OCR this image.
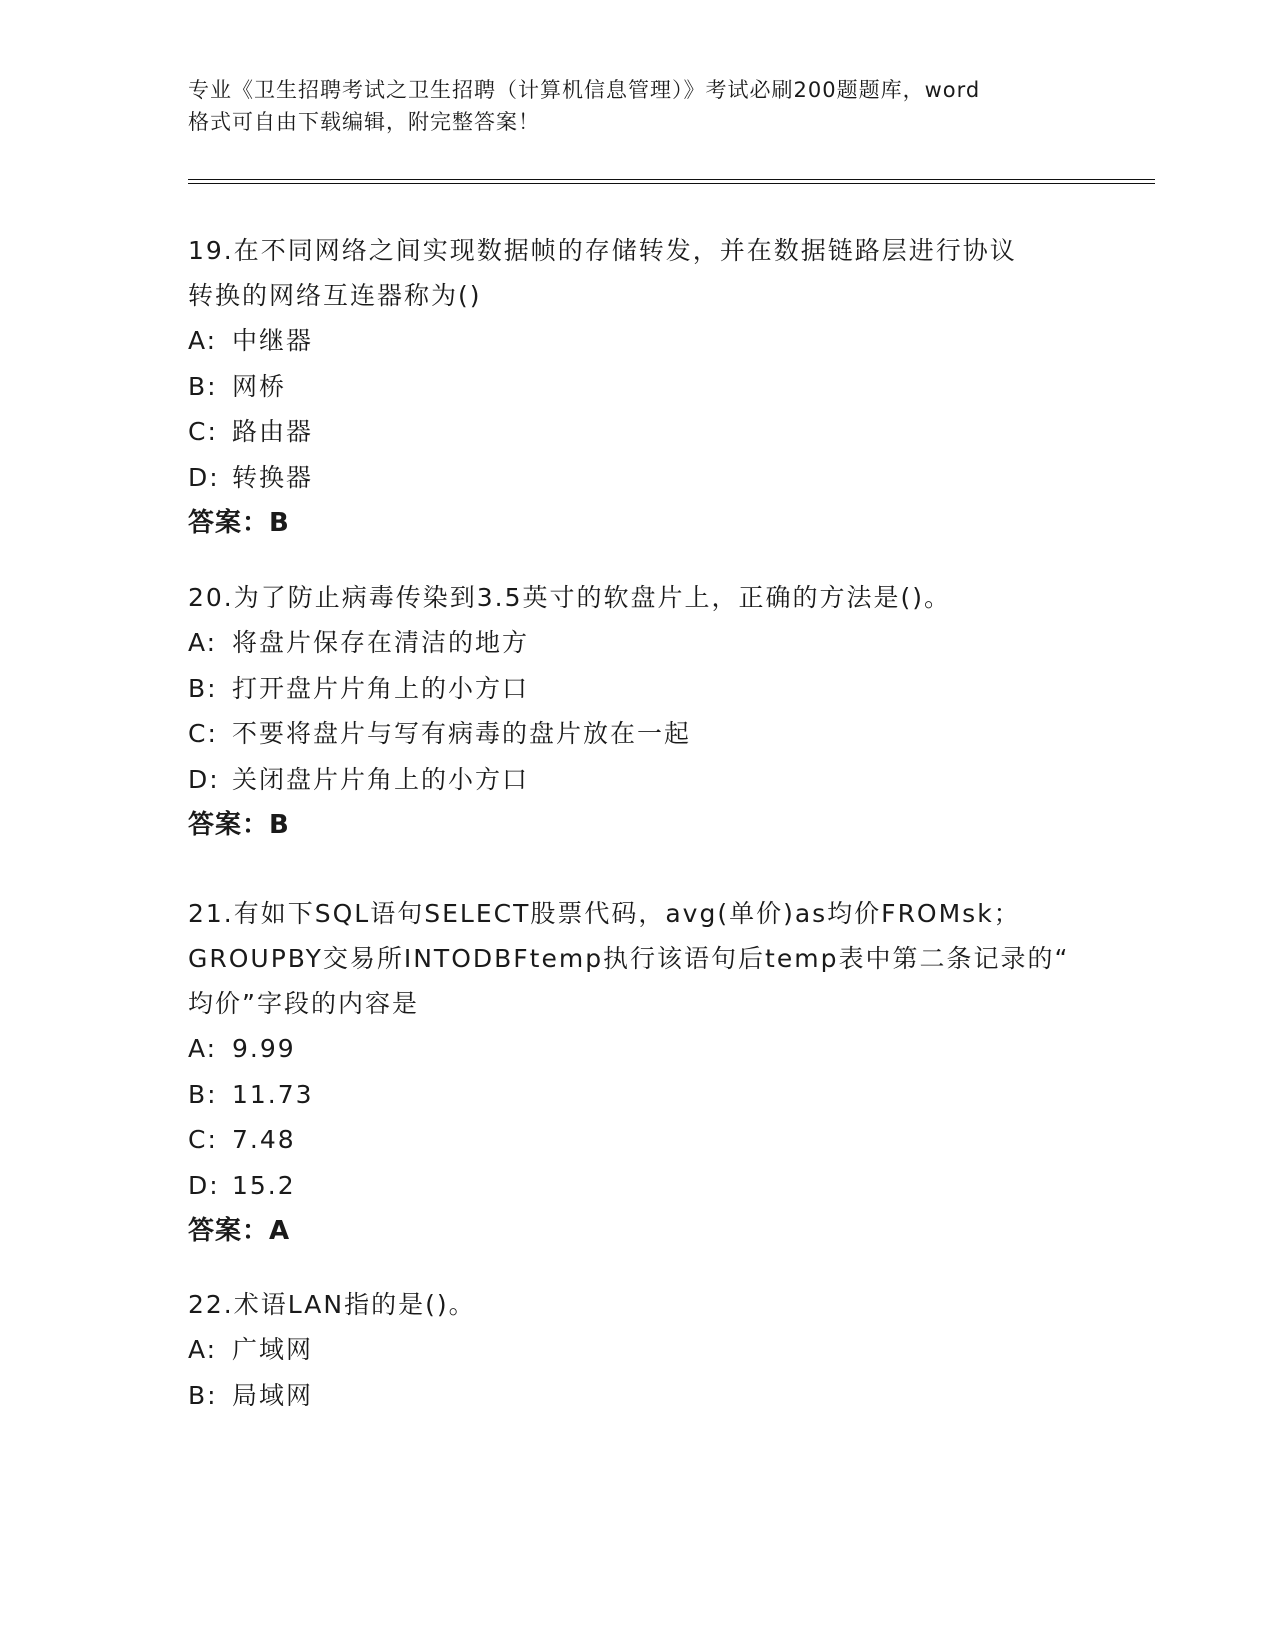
专业《卫生招聘考试之卫生招聘（计算机信息管理）》考试必刷200题题库，word
格式可自由下载编辑，附完整答案！
19.在不同网络之间实现数据帧的存储转发，并在数据链路层进行协议
转换的网络互连器称为()
A: 中继器
B: 网桥
C: 路由器
D: 转换器
答案：B
20.为了防止病毒传染到3.5英寸的软盘片上，正确的方法是()。
A: 将盘片保存在清洁的地方
B: 打开盘片片角上的小方口
C: 不要将盘片与写有病毒的盘片放在一起
D: 关闭盘片片角上的小方口
答案：B
21.有如下SQL语句SELECT股票代码，avg(单价)as均价FROMsk；
GROUPBY交易所INTODBFtemp执行该语句后temp表中第二条记录的“
均价”字段的内容是
A: 9.99
B: 11.73
C: 7.48
D: 15.2
答案：A
22.术语LAN指的是()。
A: 广域网
B: 局域网
